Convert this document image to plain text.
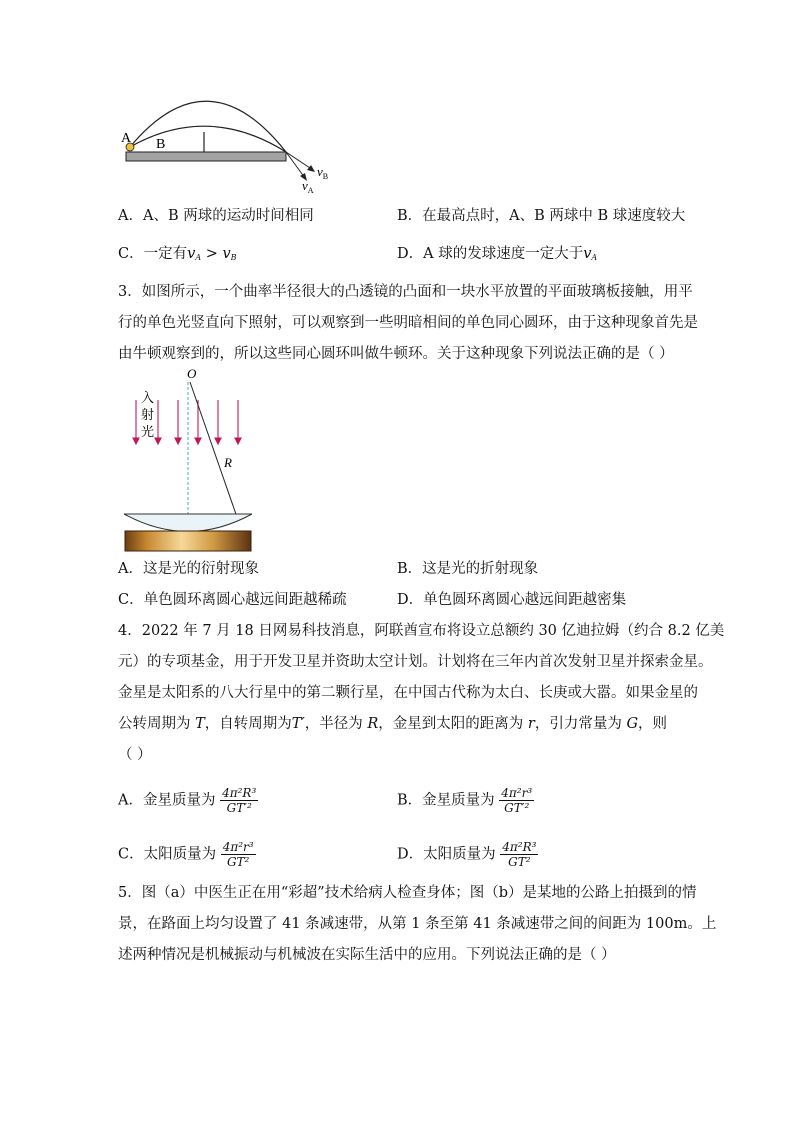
A B
$v_B$
$v_A$
A．A、B 两球的运动时间相同	B．在最高点时，A、B 两球中 B 球速度较大
C．一定有$v_A > v_B$	D．A 球的发球速度一定大于$v_A$
3．如图所示，一个曲率半径很大的凸透镜的凸面和一块水平放置的平面玻璃板接触，用平
行的单色光竖直向下照射，可以观察到一些明暗相间的单色同心圆环，由于这种现象首先是
由牛顿观察到的，所以这些同心圆环叫做牛顿环。关于这种现象下列说法正确的是（ ）
O
入
射
光
R
A．这是光的衍射现象	B．这是光的折射现象
C．单色圆环离圆心越远间距越稀疏	D．单色圆环离圆心越远间距越密集
4．2022 年 7 月 18 日网易科技消息，阿联酋宣布将设立总额约 30 亿迪拉姆（约合 8.2 亿美
元）的专项基金，用于开发卫星并资助太空计划。计划将在三年内首次发射卫星并探索金星。
金星是太阳系的八大行星中的第二颗行星，在中国古代称为太白、长庚或大嚣。如果金星的
公转周期为 T，自转周期为T′，半径为 R，金星到太阳的距离为 r，引力常量为 G，则
（ ）
A．金星质量为 $\frac{\text{4π²R³}}{\text{GT′²}}$	B．金星质量为 $\frac{\text{4π²r³}}{\text{GT′²}}$
C．太阳质量为 $\frac{\text{4π²r³}}{\text{GT²}}$	D．太阳质量为 $\frac{\text{4π²R³}}{\text{GT²}}$
5．图（a）中医生正在用“彩超”技术给病人检查身体；图（b）是某地的公路上拍摄到的情
景，在路面上均匀设置了 41 条减速带，从第 1 条至第 41 条减速带之间的间距为 100m。上
述两种情况是机械振动与机械波在实际生活中的应用。下列说法正确的是（ ）
